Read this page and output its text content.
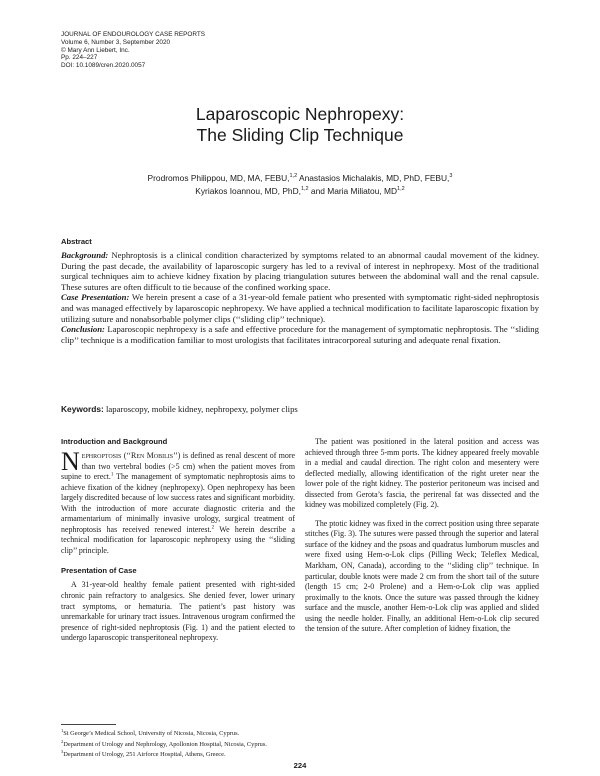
JOURNAL OF ENDOUROLOGY CASE REPORTS
Volume 6, Number 3, September 2020
© Mary Ann Liebert, Inc.
Pp. 224–227
DOI: 10.1089/cren.2020.0057
Laparoscopic Nephropexy:
The Sliding Clip Technique
Prodromos Philippou, MD, MA, FEBU,$^{1,2}$ Anastasios Michalakis, MD, PhD, FEBU,$^3$
Kyriakos Ioannou, MD, PhD,$^{1,2}$ and Maria Miliatou, MD$^{1,2}$
Abstract

Background: Nephroptosis is a clinical condition characterized by symptoms related to an abnormal caudal movement of the kidney. During the past decade, the availability of laparoscopic surgery has led to a revival of interest in nephropexy. Most of the traditional surgical techniques aim to achieve kidney fixation by placing triangulation sutures between the abdominal wall and the renal capsule. These sutures are often difficult to tie because of the confined working space.

Case Presentation: We herein present a case of a 31-year-old female patient who presented with symptomatic right-sided nephroptosis and was managed effectively by laparoscopic nephropexy. We have applied a technical modification to facilitate laparoscopic fixation by utilizing suture and nonabsorbable polymer clips (‘‘sliding clip’’ technique).

Conclusion: Laparoscopic nephropexy is a safe and effective procedure for the management of symptomatic nephroptosis. The ‘‘sliding clip’’ technique is a modification familiar to most urologists that facilitates intracorporeal suturing and adequate renal fixation.

Keywords: laparoscopy, mobile kidney, nephropexy, polymer clips
Introduction and Background

Nephroptosis (‘‘Ren Mobilis’’) is defined as renal descent of more than two vertebral bodies (>5 cm) when the patient moves from supine to erect.$^1$ The management of symptomatic nephroptosis aims to achieve fixation of the kidney (nephropexy). Open nephropexy has been largely discredited because of low success rates and significant morbidity. With the introduction of more accurate diagnostic criteria and the armamentarium of minimally invasive urology, surgical treatment of nephroptosis has received renewed interest.$^2$ We herein describe a technical modification for laparoscopic nephropexy using the ‘‘sliding clip’’ principle.

Presentation of Case

A 31-year-old healthy female patient presented with right-sided chronic pain refractory to analgesics. She denied fever, lower urinary tract symptoms, or hematuria. The patient’s past history was unremarkable for urinary tract issues. Intravenous urogram confirmed the presence of right-sided nephroptosis (Fig. 1) and the patient elected to undergo laparoscopic transperitoneal nephropexy.

The patient was positioned in the lateral position and access was achieved through three 5-mm ports. The kidney appeared freely movable in a medial and caudal direction. The right colon and mesentery were deflected medially, allowing identification of the right ureter near the lower pole of the right kidney. The posterior peritoneum was incised and dissected from Gerota’s fascia, the perirenal fat was dissected and the kidney was mobilized completely (Fig. 2).

The ptotic kidney was fixed in the correct position using three separate stitches (Fig. 3). The sutures were passed through the superior and lateral surface of the kidney and the psoas and quadratus lumborum muscles and were fixed using Hem-o-Lok clips (Pilling Weck; Teleflex Medical, Markham, ON, Canada), according to the ‘‘sliding clip’’ technique. In particular, double knots were made 2 cm from the short tail of the suture (length 15 cm; 2-0 Prolene) and a Hem-o-Lok clip was applied proximally to the knots. Once the suture was passed through the kidney surface and the muscle, another Hem-o-Lok clip was applied and slided using the needle holder. Finally, an additional Hem-o-Lok clip secured the tension of the suture. After completion of kidney fixation, the

$^1$St George’s Medical School, University of Nicosia, Nicosia, Cyprus.
$^2$Department of Urology and Nephrology, Apollonion Hospital, Nicosia, Cyprus.
$^3$Department of Urology, 251 Airforce Hospital, Athens, Greece.
224
